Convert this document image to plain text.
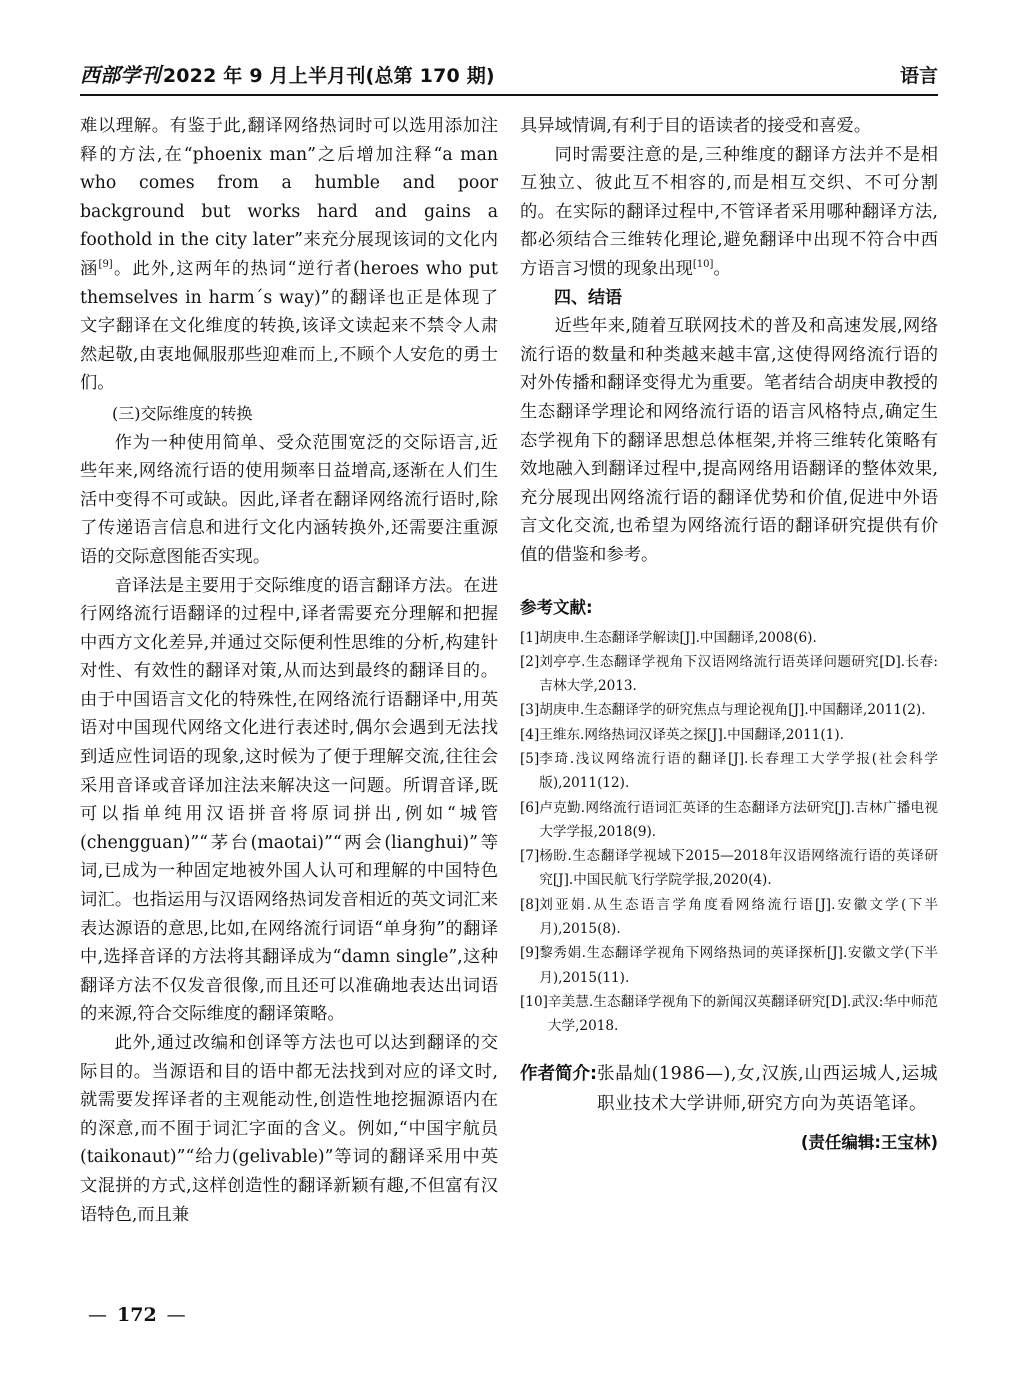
西部学刊 2022 年 9 月上半月刊(总第 170 期)	语言

难以理解。有鉴于此,翻译网络热词时可以选用添加注释的方法,在“phoenix man”之后增加注释“a man who comes from a humble and poor background but works hard and gains a foothold in the city later”来充分展现该词的文化内涵[9]。此外,这两年的热词“逆行者(heroes who put themselves in harm´s way)”的翻译也正是体现了文字翻译在文化维度的转换,该译文读起来不禁令人肃然起敬,由衷地佩服那些迎难而上,不顾个人安危的勇士们。

(三)交际维度的转换

作为一种使用简单、受众范围宽泛的交际语言,近些年来,网络流行语的使用频率日益增高,逐渐在人们生活中变得不可或缺。因此,译者在翻译网络流行语时,除了传递语言信息和进行文化内涵转换外,还需要注重源语的交际意图能否实现。

音译法是主要用于交际维度的语言翻译方法。在进行网络流行语翻译的过程中,译者需要充分理解和把握中西方文化差异,并通过交际便利性思维的分析,构建针对性、有效性的翻译对策,从而达到最终的翻译目的。由于中国语言文化的特殊性,在网络流行语翻译中,用英语对中国现代网络文化进行表述时,偶尔会遇到无法找到适应性词语的现象,这时候为了便于理解交流,往往会采用音译或音译加注法来解决这一问题。所谓音译,既可以指单纯用汉语拼音将原词拼出,例如“城管(chengguan)”“茅台(maotai)”“两会(lianghui)”等词,已成为一种固定地被外国人认可和理解的中国特色词汇。也指运用与汉语网络热词发音相近的英文词汇来表达源语的意思,比如,在网络流行词语“单身狗”的翻译中,选择音译的方法将其翻译成为“damn single”,这种翻译方法不仅发音很像,而且还可以准确地表达出词语的来源,符合交际维度的翻译策略。

此外,通过改编和创译等方法也可以达到翻译的交际目的。当源语和目的语中都无法找到对应的译文时,就需要发挥译者的主观能动性,创造性地挖掘源语内在的深意,而不囿于词汇字面的含义。例如,“中国宇航员(taikonaut)”“给力(gelivable)”等词的翻译采用中英文混拼的方式,这样创造性的翻译新颖有趣,不但富有汉语特色,而且兼

具异域情调,有利于目的语读者的接受和喜爱。

同时需要注意的是,三种维度的翻译方法并不是相互独立、彼此互不相容的,而是相互交织、不可分割的。在实际的翻译过程中,不管译者采用哪种翻译方法,都必须结合三维转化理论,避免翻译中出现不符合中西方语言习惯的现象出现[10]。

四、结语

近些年来,随着互联网技术的普及和高速发展,网络流行语的数量和种类越来越丰富,这使得网络流行语的对外传播和翻译变得尤为重要。笔者结合胡庚申教授的生态翻译学理论和网络流行语的语言风格特点,确定生态学视角下的翻译思想总体框架,并将三维转化策略有效地融入到翻译过程中,提高网络用语翻译的整体效果,充分展现出网络流行语的翻译优势和价值,促进中外语言文化交流,也希望为网络流行语的翻译研究提供有价值的借鉴和参考。

参考文献:
[1] 胡庚申.生态翻译学解读[J].中国翻译,2008(6).
[2] 刘亭亭.生态翻译学视角下汉语网络流行语英译问题研究[D].长春:吉林大学,2013.
[3] 胡庚申.生态翻译学的研究焦点与理论视角[J].中国翻译,2011(2).
[4] 王维东.网络热词汉译英之探[J].中国翻译,2011(1).
[5] 李琦.浅议网络流行语的翻译[J].长春理工大学学报(社会科学版),2011(12).
[6] 卢克勤.网络流行语词汇英译的生态翻译方法研究[J].吉林广播电视大学学报,2018(9).
[7] 杨盼.生态翻译学视域下2015—2018年汉语网络流行语的英译研究[J].中国民航飞行学院学报,2020(4).
[8] 刘亚娟.从生态语言学角度看网络流行语[J].安徽文学(下半月),2015(8).
[9] 黎秀娟.生态翻译学视角下网络热词的英译探析[J].安徽文学(下半月),2015(11).
[10] 辛美慧.生态翻译学视角下的新闻汉英翻译研究[D].武汉:华中师范大学,2018.
作者简介: 张晶灿(1986—),女,汉族,山西运城人,运城职业技术大学讲师,研究方向为英语笔译。
(责任编辑:王宝林)
— 172 —
